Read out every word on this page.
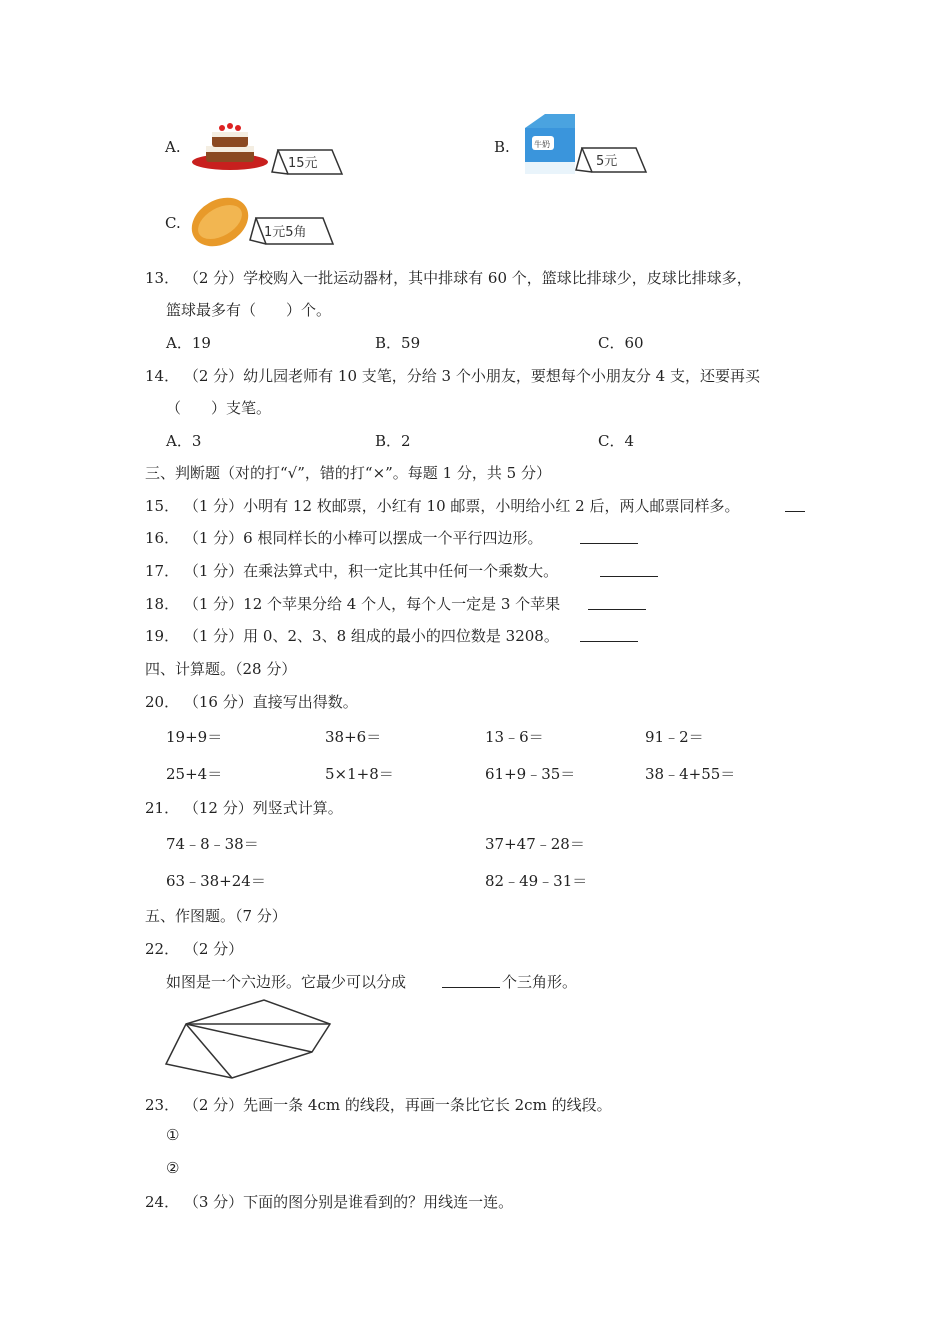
A.
15元
B.	牛奶
5元
C.
1元5角
13． （2 分）学校购入一批运动器材，其中排球有 60 个，篮球比排球少，皮球比排球多，
篮球最多有（　　）个。
A．19	B．59	C．60
14． （2 分）幼儿园老师有 10 支笔，分给 3 个小朋友，要想每个小朋友分 4 支，还要再买
（　　）支笔。
A．3	B．2	C．4
三、判断题（对的打“√”，错的打“×”。每题 1 分，共 5 分）
15． （1 分）小明有 12 枚邮票，小红有 10 邮票，小明给小红 2 后，两人邮票同样多。
16． （1 分）6 根同样长的小棒可以摆成一个平行四边形。
17． （1 分）在乘法算式中，积一定比其中任何一个乘数大。
18． （1 分）12 个苹果分给 4 个人，每个人一定是 3 个苹果
19． （1 分）用 0、2、3、8 组成的最小的四位数是 3208。
四、计算题。（28 分）
20． （16 分）直接写出得数。
19+9＝	38+6＝	13﹣6＝	91﹣2＝
25+4＝	5×1+8＝	61+9﹣35＝	38﹣4+55＝
21． （12 分）列竖式计算。
74﹣8﹣38＝	37+47﹣28＝
63﹣38+24＝	82﹣49﹣31＝
五、作图题。（7 分）
22． （2 分）
如图是一个六边形。它最少可以分成	个三角形。
23． （2 分）先画一条 4cm 的线段，再画一条比它长 2cm 的线段。
①
②
24． （3 分）下面的图分别是谁看到的？用线连一连。
